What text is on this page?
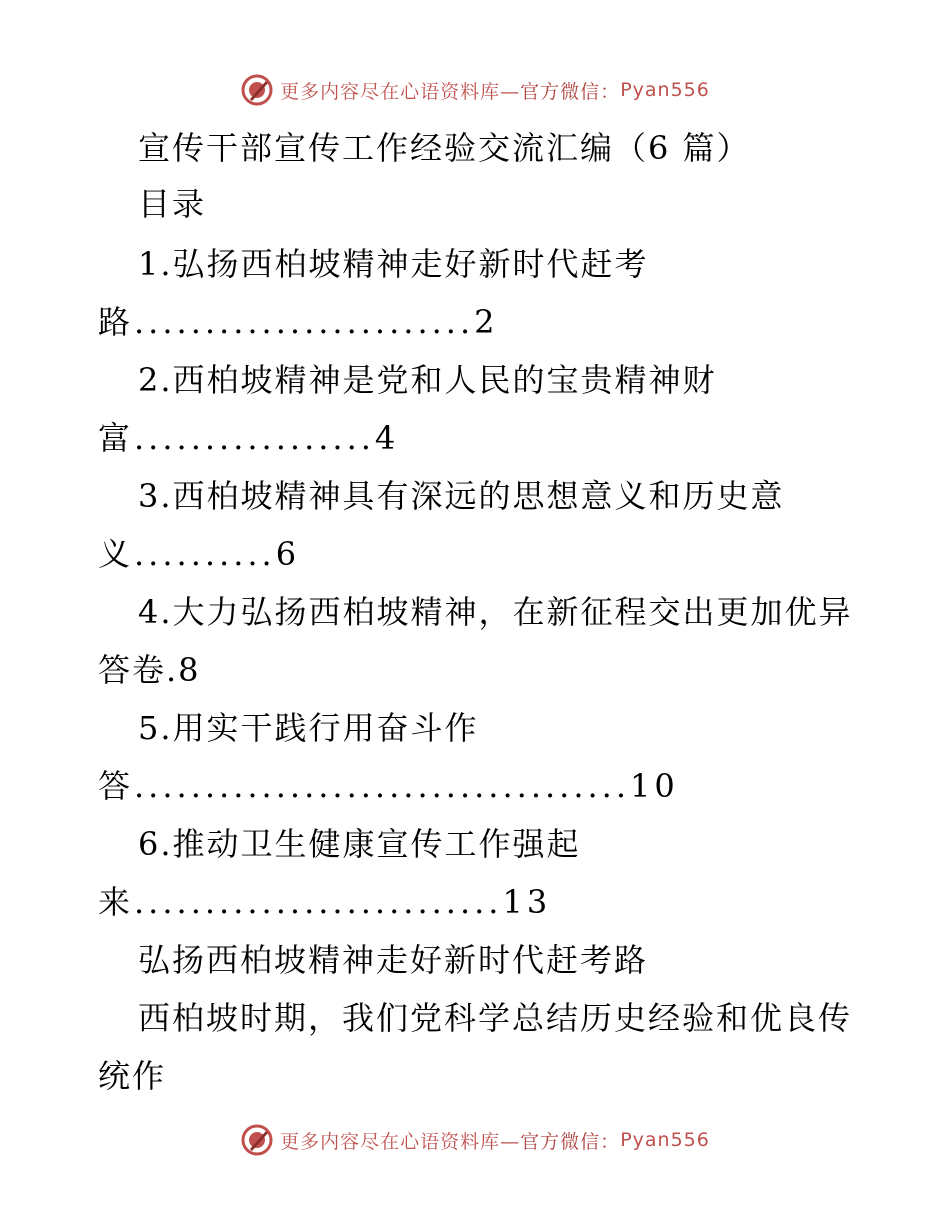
更多内容尽在心语资料库— 官方微信： Pyan556
宣传干部宣传工作经验交流汇编（6 篇）
目录
1.弘扬西柏坡精神走好新时代赶考
路........................2
2.西柏坡精神是党和人民的宝贵精神财
富.................4
3.西柏坡精神具有深远的思想意义和历史意
义..........6
4.大力弘扬西柏坡精神，在新征程交出更加优异
答卷.8
5.用实干践行用奋斗作
答...................................10
6.推动卫生健康宣传工作强起
来..........................13
弘扬西柏坡精神走好新时代赶考路
西柏坡时期，我们党科学总结历史经验和优良传
统作
更多内容尽在心语资料库— 官方微信： Pyan556
